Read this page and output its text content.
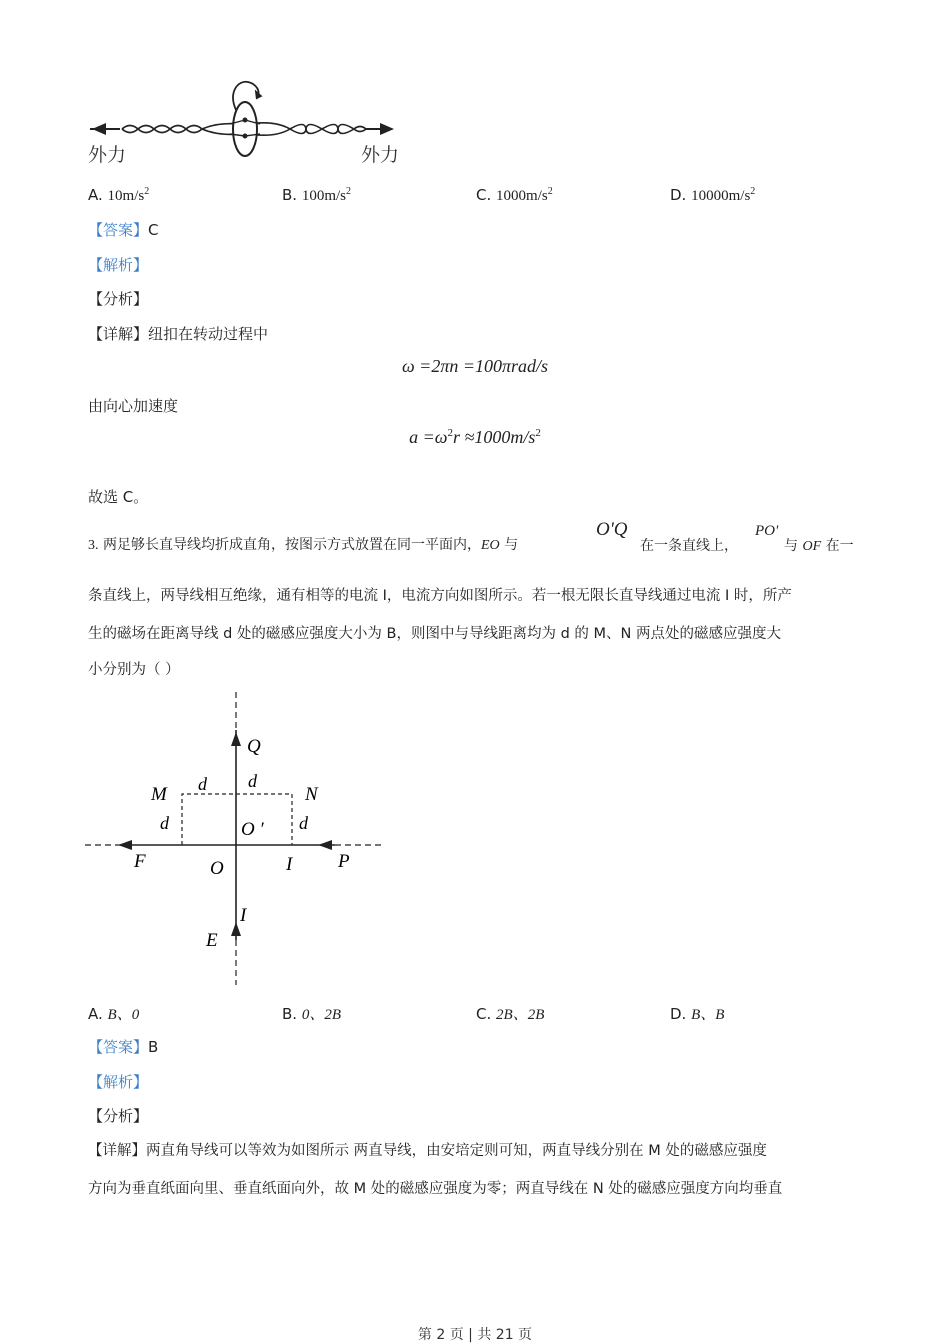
外力	外力
A. $10m/s^2$	B. $100m/s^2$	C. $1000m/s^2$	D. $10000m/s^2$
【答案】C
【解析】
【分析】
【详解】纽扣在转动过程中
ω =2πn =100πrad/s
由向心加速度
$a =\omega^2r \approx 1000m/s^2$
故选 C。
3. 两足够长直导线均折成直角，按图示方式放置在同一平面内，EO 与
O'Q
在一条直线上，
PO'
与 OF 在一
条直线上，两导线相互绝缘，通有相等的电流 I，电流方向如图所示。若一根无限长直导线通过电流 I 时，所产
生的磁场在距离导线 d 处的磁感应强度大小为 B，则图中与导线距离均为 d 的 M、N 两点处的磁感应强度大
小分别为（ ）
Q
M	N
d d
d	d
O ′
F	O	I P
I
E
A. B、0	B. 0、2B	C. 2B、2B	D. B、B
【答案】B
【解析】
【分析】
【详解】两直角导线可以等效为如图所示 两直导线，由安培定则可知，两直导线分别在 M 处的磁感应强度
方向为垂直纸面向里、垂直纸面向外，故 M 处的磁感应强度为零；两直导线在 N 处的磁感应强度方向均垂直
第 2 页 | 共 21 页
